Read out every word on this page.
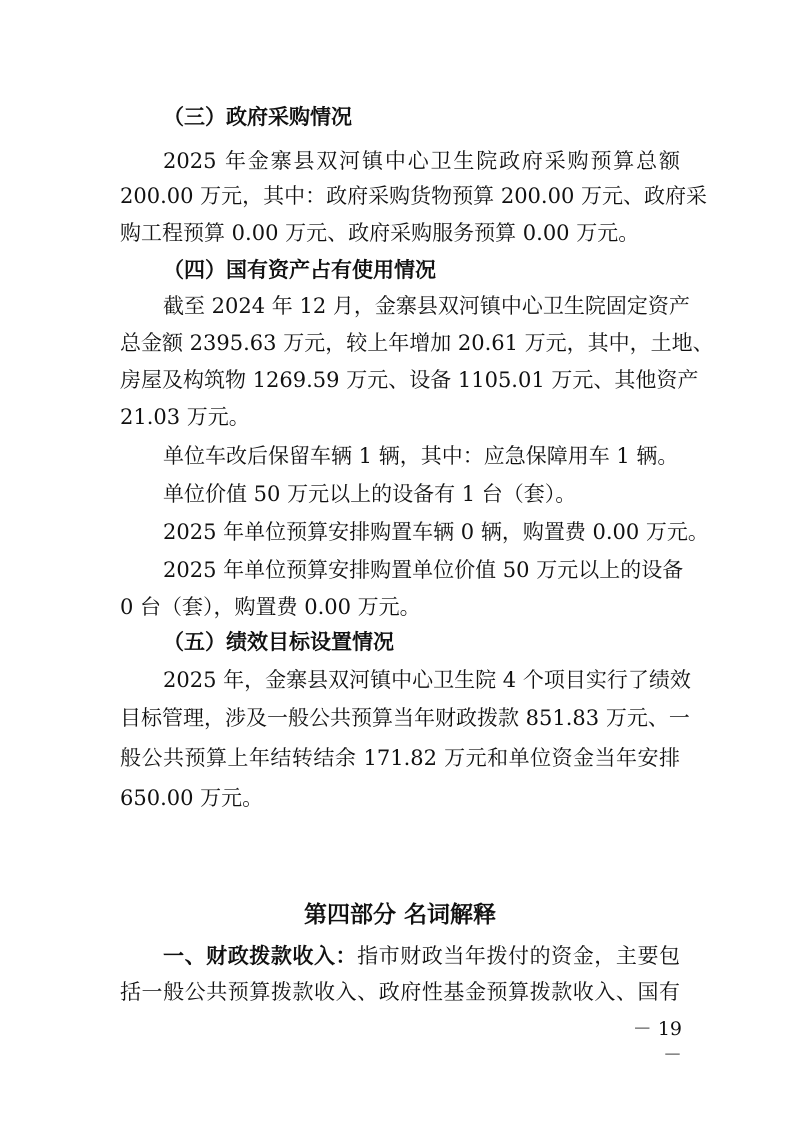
（三）政府采购情况
2025 年金寨县双河镇中心卫生院政府采购预算总额
200.00 万元，其中：政府采购货物预算 200.00 万元、政府采
购工程预算 0.00 万元、政府采购服务预算 0.00 万元。
（四）国有资产占有使用情况
截至 2024 年 12 月，金寨县双河镇中心卫生院固定资产
总金额 2395.63 万元，较上年增加 20.61 万元，其中，土地、
房屋及构筑物 1269.59 万元、设备 1105.01 万元、其他资产
21.03 万元。
单位车改后保留车辆 1 辆，其中：应急保障用车 1 辆。
单位价值 50 万元以上的设备有 1 台（套）。
2025 年单位预算安排购置车辆 0 辆，购置费 0.00 万元。
2025 年单位预算安排购置单位价值 50 万元以上的设备
0 台（套），购置费 0.00 万元。
（五）绩效目标设置情况
2025 年，金寨县双河镇中心卫生院 4 个项目实行了绩效
目标管理，涉及一般公共预算当年财政拨款 851.83 万元、一
般公共预算上年结转结余 171.82 万元和单位资金当年安排
650.00 万元。
第四部分 名词解释
一、财政拨款收入：指市财政当年拨付的资金，主要包
括一般公共预算拨款收入、政府性基金预算拨款收入、国有
－ 19 －
